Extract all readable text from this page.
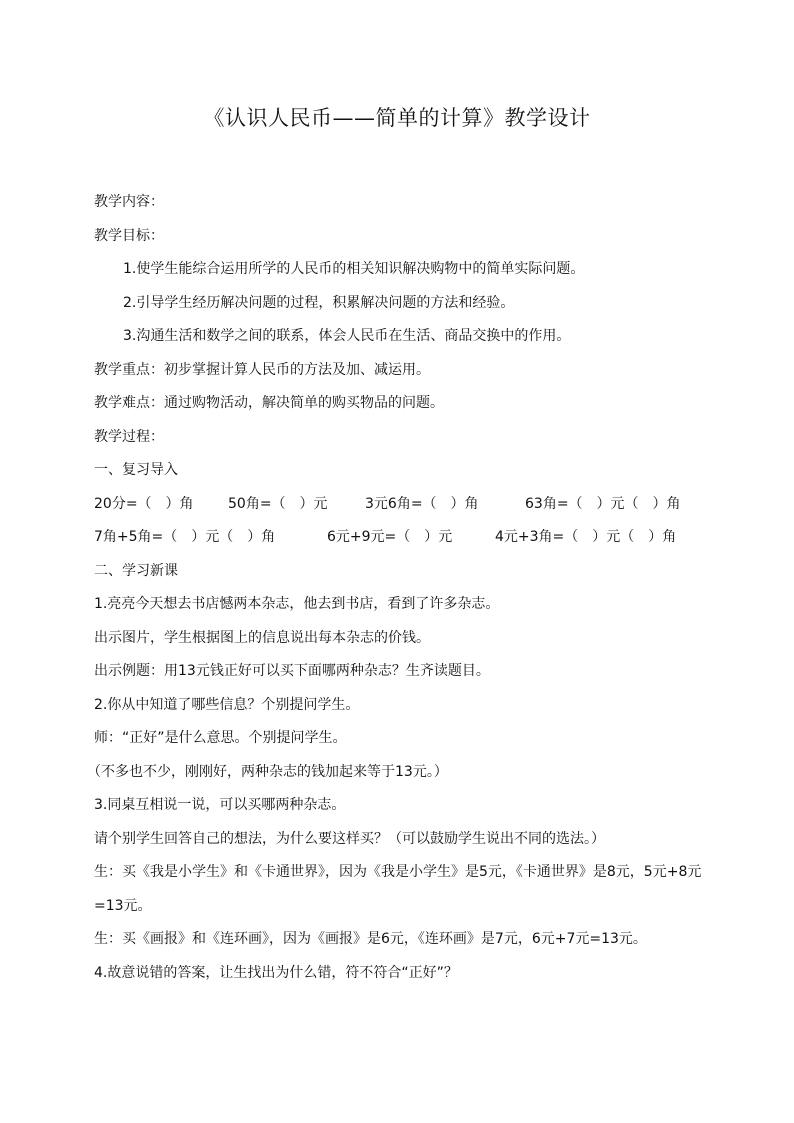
《认识人民币——简单的计算》教学设计
教学内容：
教学目标：
1.使学生能综合运用所学的人民币的相关知识解决购物中的简单实际问题。
2.引导学生经历解决问题的过程，积累解决问题的方法和经验。
3.沟通生活和数学之间的联系，体会人民币在生活、商品交换中的作用。
教学重点：初步掌握计算人民币的方法及加、减运用。
教学难点：通过购物活动，解决简单的购买物品的问题。
教学过程：
一、复习导入
20分=（　）角	50角=（　）元	3元6角=（　）角	63角=（　）元（　）角
7角+5角=（　）元（　）角	6元+9元=（　）元	4元+3角=（　）元（　）角
二、学习新课
1.亮亮今天想去书店憾两本杂志，他去到书店，看到了许多杂志。
出示图片，学生根据图上的信息说出每本杂志的价钱。
出示例题：用13元钱正好可以买下面哪两种杂志？生齐读题目。
2.你从中知道了哪些信息？个别提问学生。
师：“正好”是什么意思。个别提问学生。
（不多也不少，刚刚好，两种杂志的钱加起来等于13元。）
3.同桌互相说一说，可以买哪两种杂志。
请个别学生回答自己的想法，为什么要这样买？（可以鼓励学生说出不同的选法。）
生：买《我是小学生》和《卡通世界》，因为《我是小学生》是5元，《卡通世界》是8元，5元+8元=13元。
生：买《画报》和《连环画》，因为《画报》是6元，《连环画》是7元，6元+7元=13元。
4.故意说错的答案，让生找出为什么错，符不符合“正好”？
